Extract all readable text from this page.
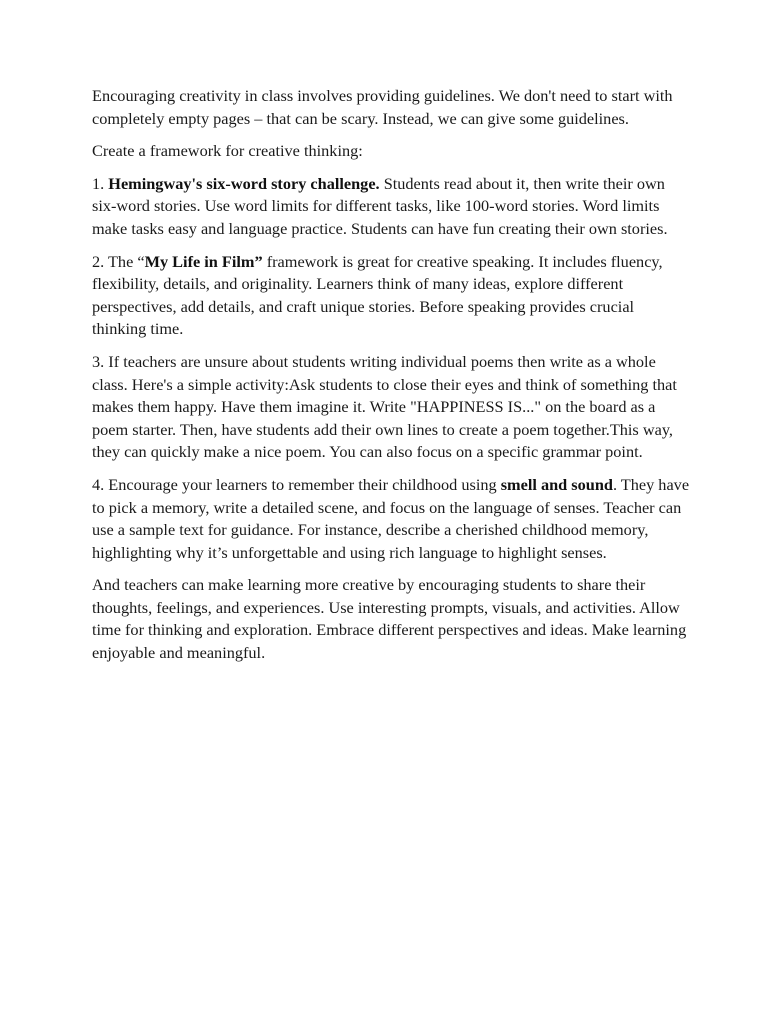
Encouraging creativity in class involves providing guidelines. We don't need to start with completely empty pages – that can be scary. Instead, we can give some guidelines.

Create a framework for creative thinking:

1. Hemingway's six-word story challenge. Students read about it, then write their own six-word stories. Use word limits for different tasks, like 100-word stories. Word limits make tasks easy and language practice. Students can have fun creating their own stories.

2. The “My Life in Film” framework is great for creative speaking. It includes fluency, flexibility, details, and originality. Learners think of many ideas, explore different perspectives, add details, and craft unique stories. Before speaking provides crucial thinking time.

3. If teachers are unsure about students writing individual poems then write as a whole class. Here's a simple activity:Ask students to close their eyes and think of something that makes them happy. Have them imagine it. Write "HAPPINESS IS..." on the board as a poem starter. Then, have students add their own lines to create a poem together.This way, they can quickly make a nice poem. You can also focus on a specific grammar point.

4. Encourage your learners to remember their childhood using smell and sound. They have to pick a memory, write a detailed scene, and focus on the language of senses. Teacher can use a sample text for guidance. For instance, describe a cherished childhood memory, highlighting why it’s unforgettable and using rich language to highlight senses.

And teachers can make learning more creative by encouraging students to share their thoughts, feelings, and experiences. Use interesting prompts, visuals, and activities. Allow time for thinking and exploration. Embrace different perspectives and ideas. Make learning enjoyable and meaningful.
